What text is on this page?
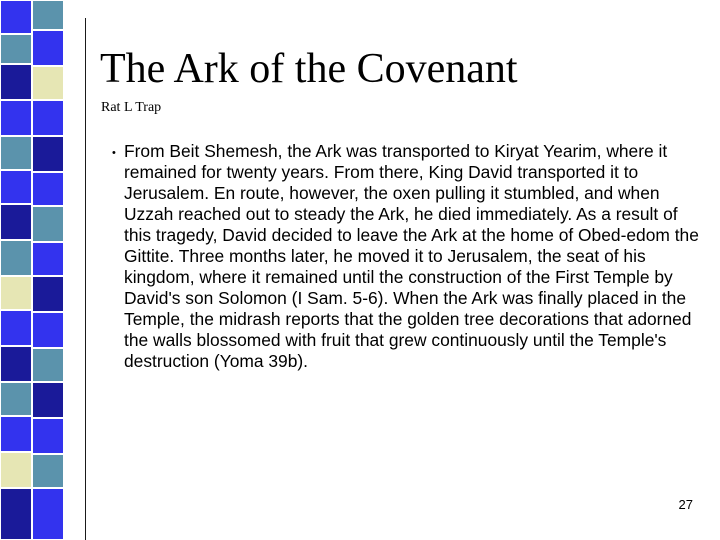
The Ark of the Covenant
Rat L Trap
• From Beit Shemesh, the Ark was transported to Kiryat Yearim, where it remained for twenty years. From there, King David transported it to Jerusalem. En route, however, the oxen pulling it stumbled, and when Uzzah reached out to steady the Ark, he died immediately. As a result of this tragedy, David decided to leave the Ark at the home of Obed-edom the Gittite. Three months later, he moved it to Jerusalem, the seat of his kingdom, where it remained until the construction of the First Temple by David's son Solomon (I Sam. 5-6). When the Ark was finally placed in the Temple, the midrash reports that the golden tree decorations that adorned the walls blossomed with fruit that grew continuously until the Temple's destruction (Yoma 39b).

27
